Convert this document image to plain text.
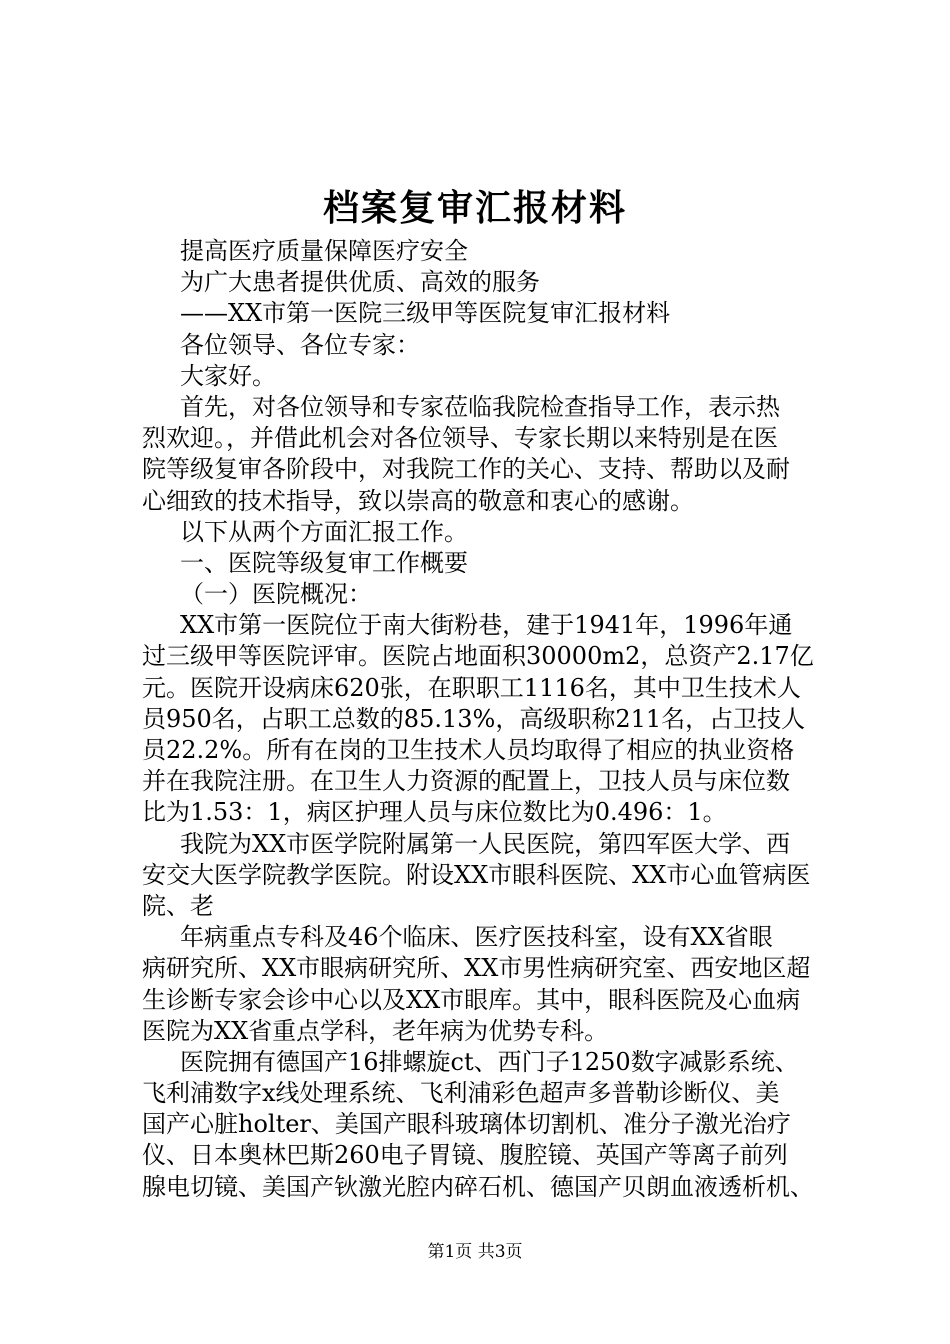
档案复审汇报材料
提高医疗质量保障医疗安全
为广大患者提供优质、高效的服务
——XX市第一医院三级甲等医院复审汇报材料
各位领导、各位专家：
大家好。
首先，对各位领导和专家莅临我院检查指导工作，表示热
烈欢迎。，并借此机会对各位领导、专家长期以来特别是在医
院等级复审各阶段中，对我院工作的关心、支持、帮助以及耐
心细致的技术指导，致以崇高的敬意和衷心的感谢。
以下从两个方面汇报工作。
一、医院等级复审工作概要
（一）医院概况：
XX市第一医院位于南大街粉巷，建于1941年，1996年通
过三级甲等医院评审。医院占地面积30000m2，总资产2.17亿
元。医院开设病床620张，在职职工1116名，其中卫生技术人
员950名，占职工总数的85.13%，高级职称211名，占卫技人
员22.2%。所有在岗的卫生技术人员均取得了相应的执业资格
并在我院注册。在卫生人力资源的配置上，卫技人员与床位数
比为1.53：1，病区护理人员与床位数比为0.496：1。
我院为XX市医学院附属第一人民医院，第四军医大学、西
安交大医学院教学医院。附设XX市眼科医院、XX市心血管病医
院、老
年病重点专科及46个临床、医疗医技科室，设有XX省眼
病研究所、XX市眼病研究所、XX市男性病研究室、西安地区超
生诊断专家会诊中心以及XX市眼库。其中，眼科医院及心血病
医院为XX省重点学科，老年病为优势专科。
医院拥有德国产16排螺旋ct、西门子1250数字减影系统、
飞利浦数字x线处理系统、飞利浦彩色超声多普勒诊断仪、美
国产心脏holter、美国产眼科玻璃体切割机、准分子激光治疗
仪、日本奥林巴斯260电子胃镜、腹腔镜、英国产等离子前列
腺电切镜、美国产钬激光腔内碎石机、德国产贝朗血液透析机、
第1页 共3页
